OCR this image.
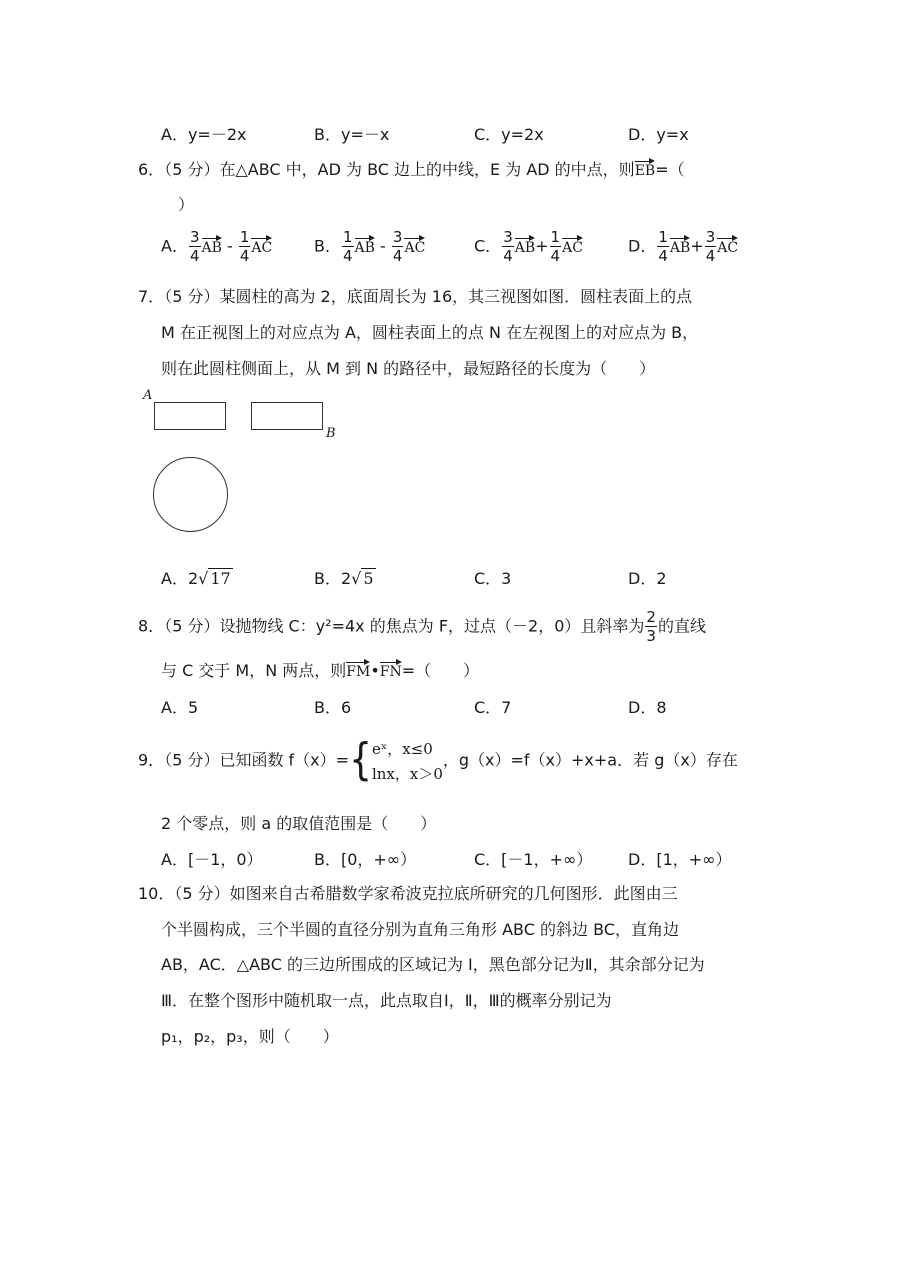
A．y=－2x	B．y=－x	C．y=2x	D．y=x
6．（5 分）在△ABC 中，AD 为 BC 边上的中线，E 为 AD 的中点，则EB=（
）
A． $\frac{3}{4}$ AB - $\frac{1}{4}$ AC	B． $\frac{1}{4}$ AB - $\frac{3}{4}$ AC	C． $\frac{3}{4} AB+ \frac{1}{4}$ AC	D． $\frac{1}{4} AB+ \frac{3}{4}$ AC
7．（5 分）某圆柱的高为 2，底面周长为 16，其三视图如图．圆柱表面上的点
M 在正视图上的对应点为 A，圆柱表面上的点 N 在左视图上的对应点为 B，
则在此圆柱侧面上，从 M 到 N 的路径中，最短路径的长度为（　　）
A
B
A．2√ 17	B．2√ 5	C．3	D．2
8．（5 分）设抛物线 C：y²=4x 的焦点为 F，过点（－2，0）且斜率为 $\frac{2}{3}$ 的直线
与 C 交于 M，N 两点，则FM•FN=（　　）
A．5	B．6	C．7	D．8
9．（5 分）已知函数 f（x）={ eˣ，x≤0
lnx，x＞0
，g（x）=f（x）+x+a．若 g（x）存在
2 个零点，则 a 的取值范围是（　　）
A．[－1，0）	B．[0，+∞）	C．[－1，+∞） D．[1，+∞）
10．（5 分）如图来自古希腊数学家希波克拉底所研究的几何图形．此图由三
个半圆构成，三个半圆的直径分别为直角三角形 ABC 的斜边 BC，直角边
AB，AC．△ABC 的三边所围成的区域记为 I，黑色部分记为Ⅱ，其余部分记为
Ⅲ．在整个图形中随机取一点，此点取自Ⅰ，Ⅱ，Ⅲ的概率分别记为
p₁，p₂，p₃，则（　　）
